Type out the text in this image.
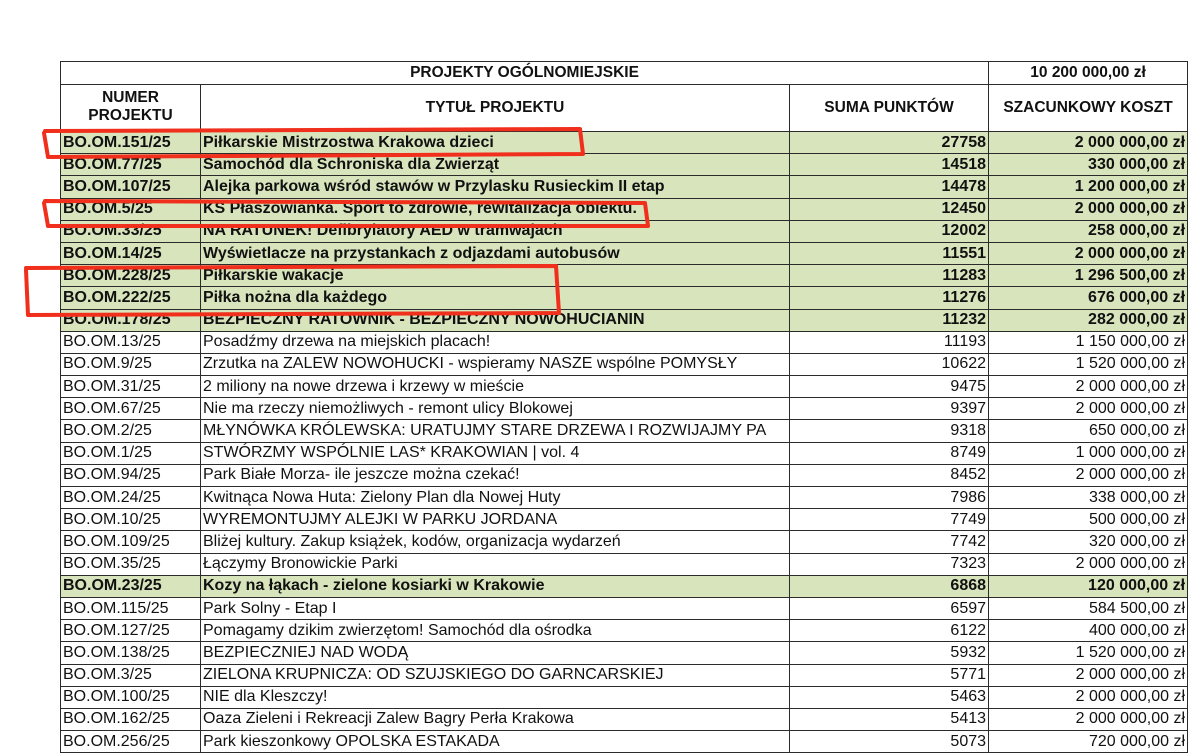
PROJEKTY OGÓLNOMIEJSKIE			10 200 000,00 zł
NUMER PROJEKTU	TYTUŁ PROJEKTU	SUMA PUNKTÓW	SZACUNKOWY KOSZT
BO.OM.151/25	Piłkarskie Mistrzostwa Krakowa dzieci	27758	2 000 000,00 zł
BO.OM.77/25	Samochód dla Schroniska dla Zwierząt	14518	330 000,00 zł
BO.OM.107/25	Alejka parkowa wśród stawów w Przylasku Rusieckim II etap	14478	1 200 000,00 zł
BO.OM.5/25	KS Płaszowianka. Sport to zdrowie, rewitalizacja obiektu.	12450	2 000 000,00 zł
BO.OM.33/25	NA RATUNEK! Defibrylatory AED w tramwajach	12002	258 000,00 zł
BO.OM.14/25	Wyświetlacze na przystankach z odjazdami autobusów	11551	2 000 000,00 zł
BO.OM.228/25	Piłkarskie wakacje	11283	1 296 500,00 zł
BO.OM.222/25	Piłka nożna dla każdego	11276	676 000,00 zł
BO.OM.178/25	BEZPIECZNY RATOWNIK - BEZPIECZNY NOWOHUCIANIN	11232	282 000,00 zł
BO.OM.13/25	Posadźmy drzewa na miejskich placach!	11193	1 150 000,00 zł
BO.OM.9/25	Zrzutka na ZALEW NOWOHUCKI - wspieramy NASZE wspólne POMYSŁY	10622	1 520 000,00 zł
BO.OM.31/25	2 miliony na nowe drzewa i krzewy w mieście	9475	2 000 000,00 zł
BO.OM.67/25	Nie ma rzeczy niemożliwych - remont ulicy Blokowej	9397	2 000 000,00 zł
BO.OM.2/25	MŁYNÓWKA KRÓLEWSKA: URATUJMY STARE DRZEWA I ROZWIJAJMY PA	9318	650 000,00 zł
BO.OM.1/25	STWÓRZMY WSPÓLNIE LAS* KRAKOWIAN | vol. 4	8749	1 000 000,00 zł
BO.OM.94/25	Park Białe Morza- ile jeszcze można czekać!	8452	2 000 000,00 zł
BO.OM.24/25	Kwitnąca Nowa Huta: Zielony Plan dla Nowej Huty	7986	338 000,00 zł
BO.OM.10/25	WYREMONTUJMY ALEJKI W PARKU JORDANA	7749	500 000,00 zł
BO.OM.109/25	Bliżej kultury. Zakup książek, kodów, organizacja wydarzeń	7742	320 000,00 zł
BO.OM.35/25	Łączymy Bronowickie Parki	7323	2 000 000,00 zł
BO.OM.23/25	Kozy na łąkach - zielone kosiarki w Krakowie	6868	120 000,00 zł
BO.OM.115/25	Park Solny - Etap I	6597	584 500,00 zł
BO.OM.127/25	Pomagamy dzikim zwierzętom! Samochód dla ośrodka	6122	400 000,00 zł
BO.OM.138/25	BEZPIECZNIEJ NAD WODĄ	5932	1 520 000,00 zł
BO.OM.3/25	ZIELONA KRUPNICZA: OD SZUJSKIEGO DO GARNCARSKIEJ	5771	2 000 000,00 zł
BO.OM.100/25	NIE dla Kleszczy!	5463	2 000 000,00 zł
BO.OM.162/25	Oaza Zieleni i Rekreacji Zalew Bagry Perła Krakowa	5413	2 000 000,00 zł
BO.OM.256/25	Park kieszonkowy OPOLSKA ESTAKADA	5073	720 000,00 zł
